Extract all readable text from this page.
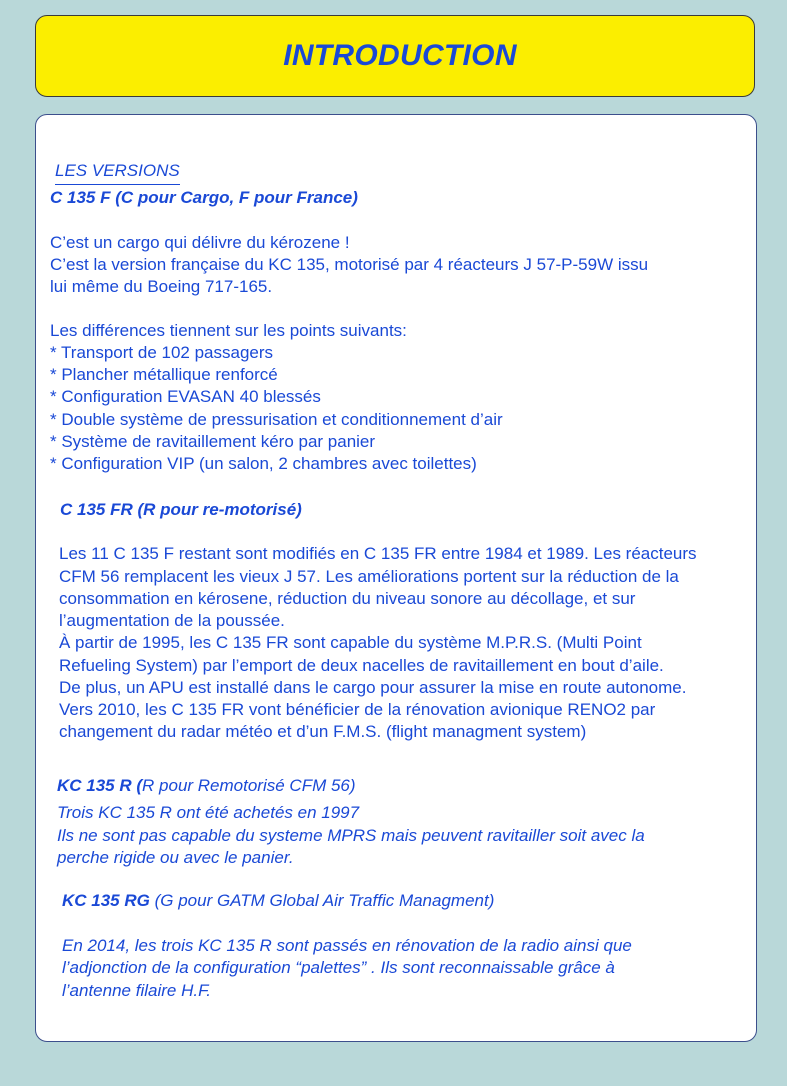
INTRODUCTION
LES VERSIONS
C 135 F (C pour Cargo, F pour France)
C’est un cargo qui délivre du kérozene !
C’est la version française du KC 135, motorisé par 4 réacteurs J 57-P-59W issu
lui même du Boeing 717-165.
Les différences tiennent sur les points suivants:
* Transport de 102 passagers
* Plancher métallique renforcé
* Configuration EVASAN 40 blessés
* Double système de pressurisation et conditionnement d’air
* Système de ravitaillement kéro par panier
* Configuration VIP (un salon, 2 chambres avec toilettes)
C 135 FR (R pour re-motorisé)
Les 11 C 135 F restant sont modifiés en C 135 FR entre 1984 et 1989. Les réacteurs
CFM 56 remplacent les vieux J 57. Les améliorations portent sur la réduction de la
consommation en kérosene, réduction du niveau sonore au décollage, et sur
l’augmentation de la poussée.
À partir de 1995, les C 135 FR sont capable du système M.P.R.S. (Multi Point
Refueling System) par l’emport de deux nacelles de ravitaillement en bout d’aile.
De plus, un APU est installé dans le cargo pour assurer la mise en route autonome.
Vers 2010, les C 135 FR vont bénéficier de la rénovation avionique RENO2 par
changement du radar météo et d’un F.M.S. (flight managment system)
KC 135 R (R pour Remotorisé CFM 56)
Trois KC 135 R ont été achetés en 1997
Ils ne sont pas capable du systeme MPRS mais peuvent ravitailler soit avec la
perche rigide ou avec le panier.
KC 135 RG (G pour GATM Global Air Traffic Managment)
En 2014, les trois KC 135 R sont passés en rénovation de la radio ainsi que
l’adjonction de la configuration “palettes” . Ils sont reconnaissable grâce à
l’antenne filaire H.F.
